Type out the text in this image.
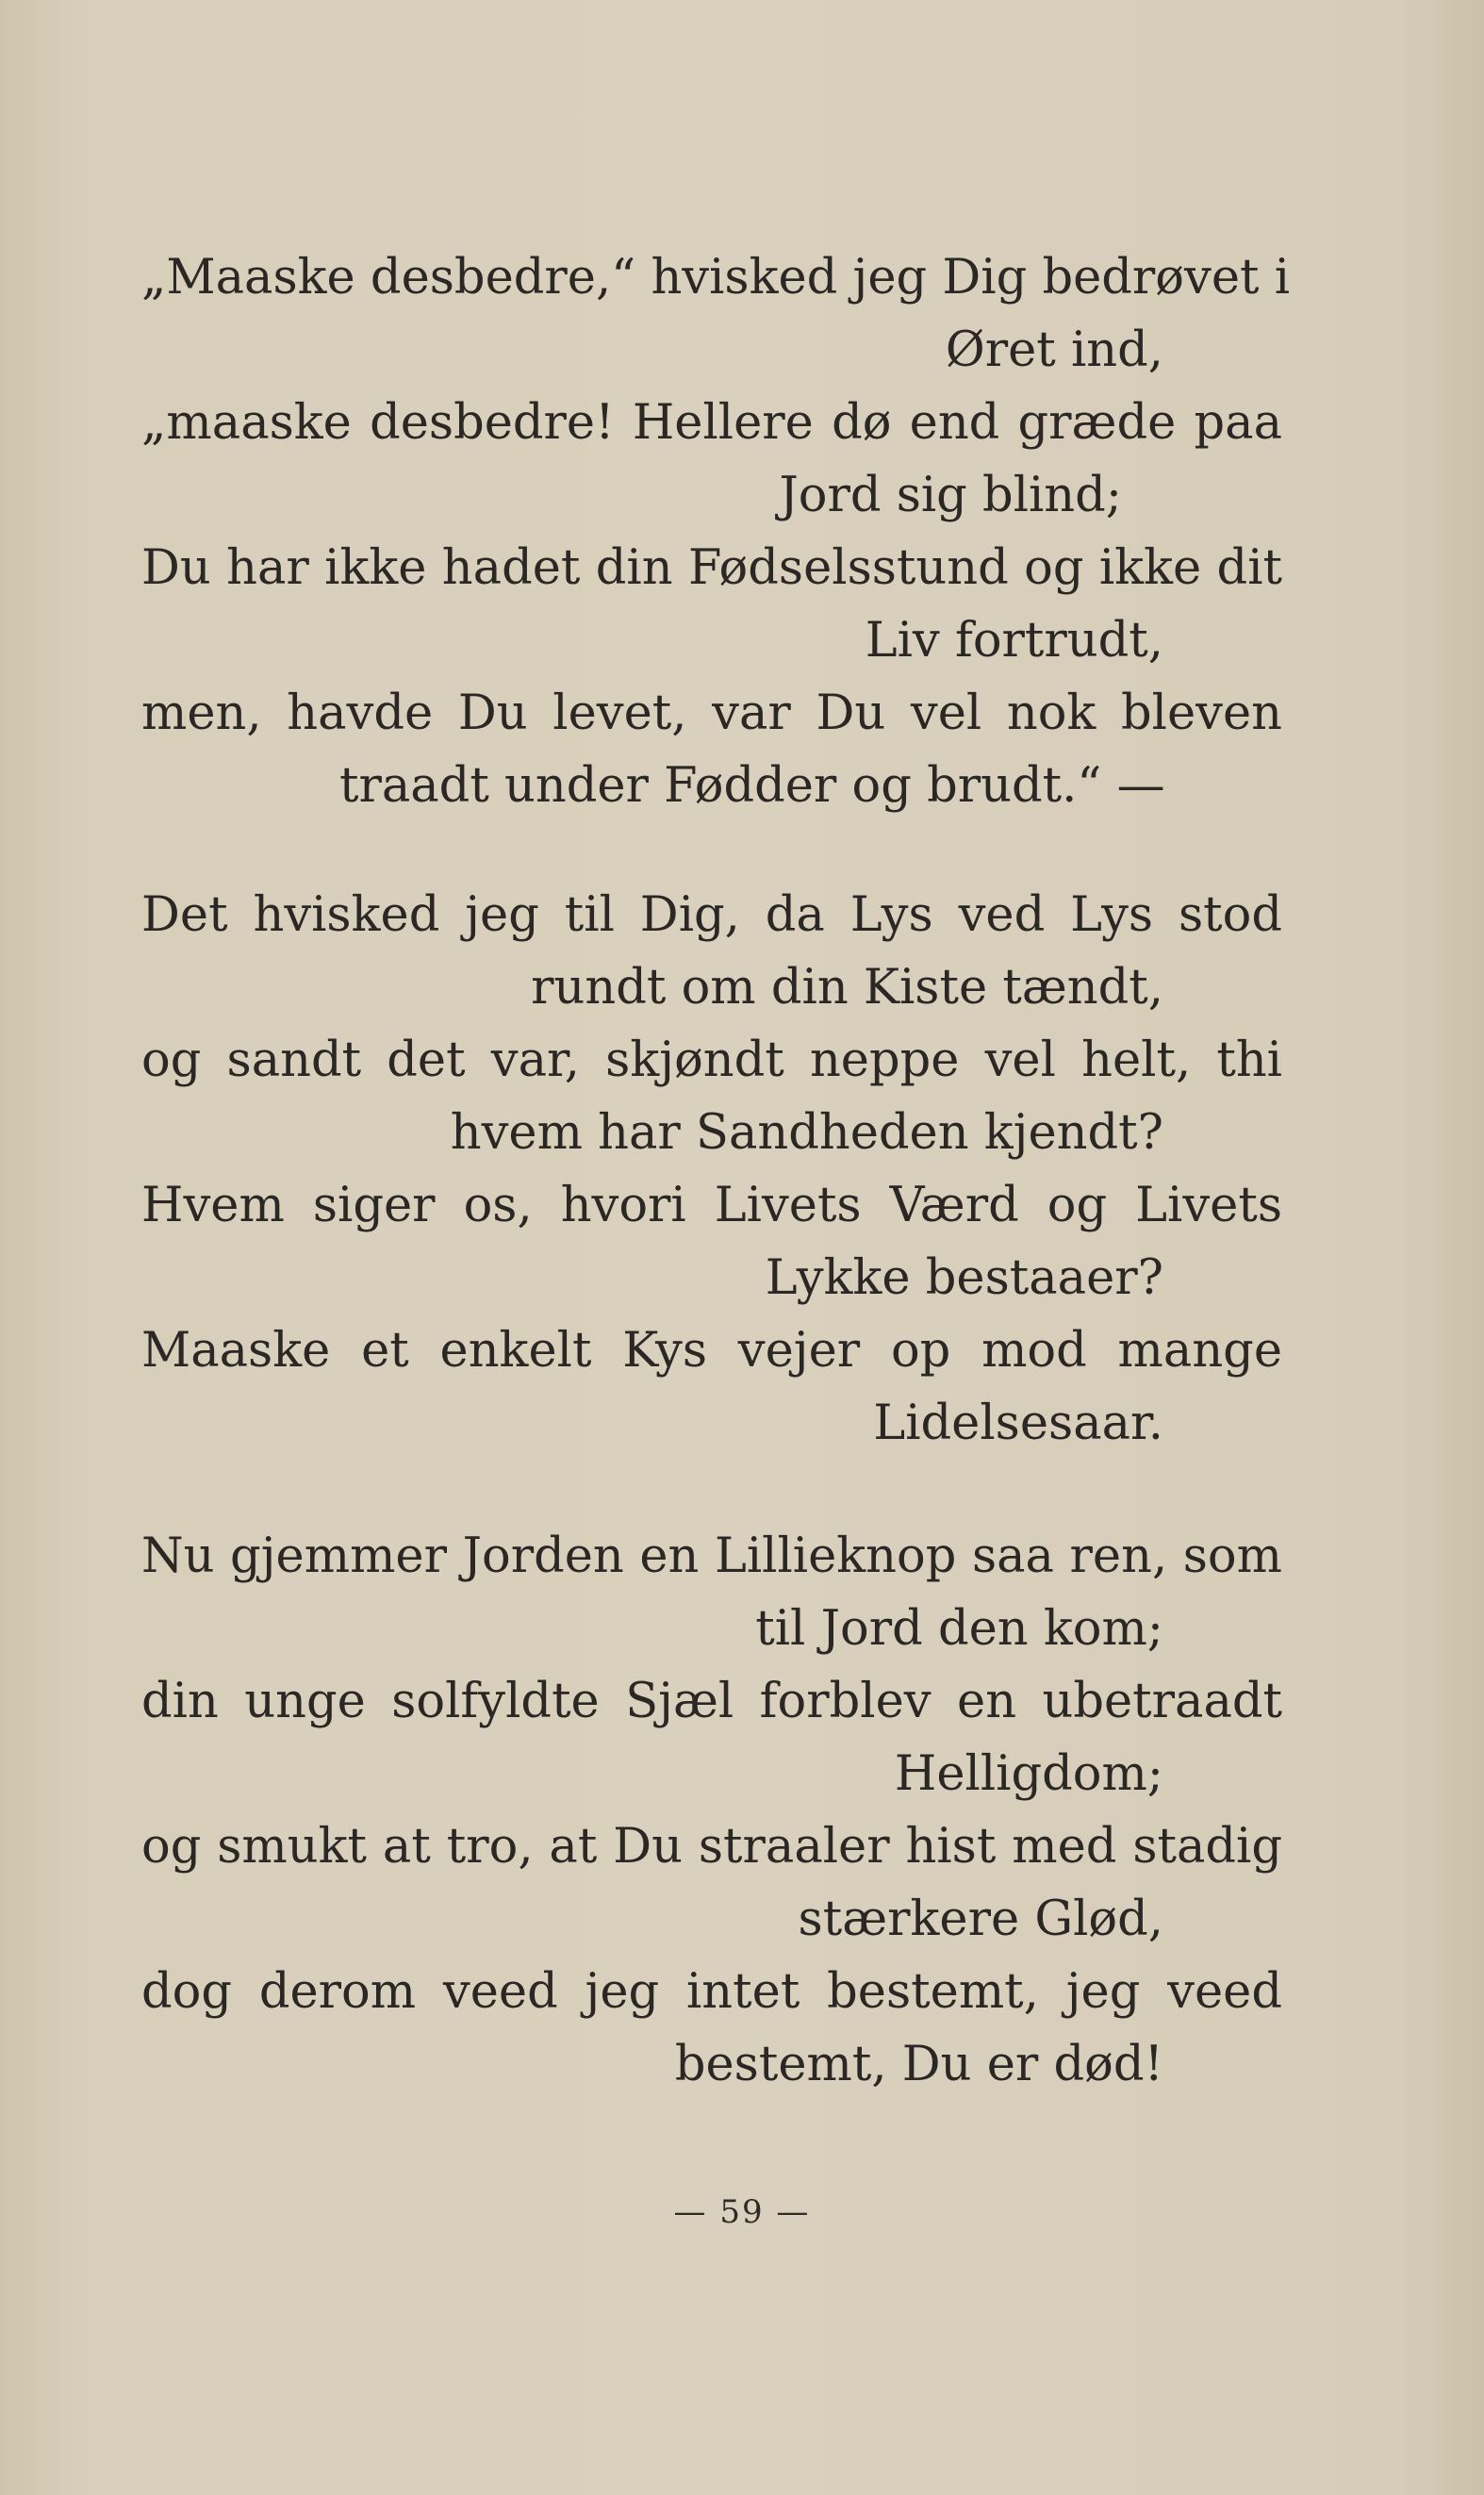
„Maaske desbedre,“ hvisked jeg Dig bedrøvet i
Øret ind,
„maaske desbedre! Hellere dø end græde paa
Jord sig blind;
Du har ikke hadet din Fødselsstund og ikke dit
Liv fortrudt,
men, havde Du levet, var Du vel nok bleven
traadt under Fødder og brudt.“ —
Det hvisked jeg til Dig, da Lys ved Lys stod
rundt om din Kiste tændt,
og sandt det var, skjøndt neppe vel helt, thi
hvem har Sandheden kjendt?
Hvem siger os, hvori Livets Værd og Livets
Lykke bestaaer?
Maaske et enkelt Kys vejer op mod mange
Lidelsesaar.
Nu gjemmer Jorden en Lillieknop saa ren, som
til Jord den kom;
din unge solfyldte Sjæl forblev en ubetraadt
Helligdom;
og smukt at tro, at Du straaler hist med stadig
stærkere Glød,
dog derom veed jeg intet bestemt, jeg veed
bestemt, Du er død!
— 59 —
